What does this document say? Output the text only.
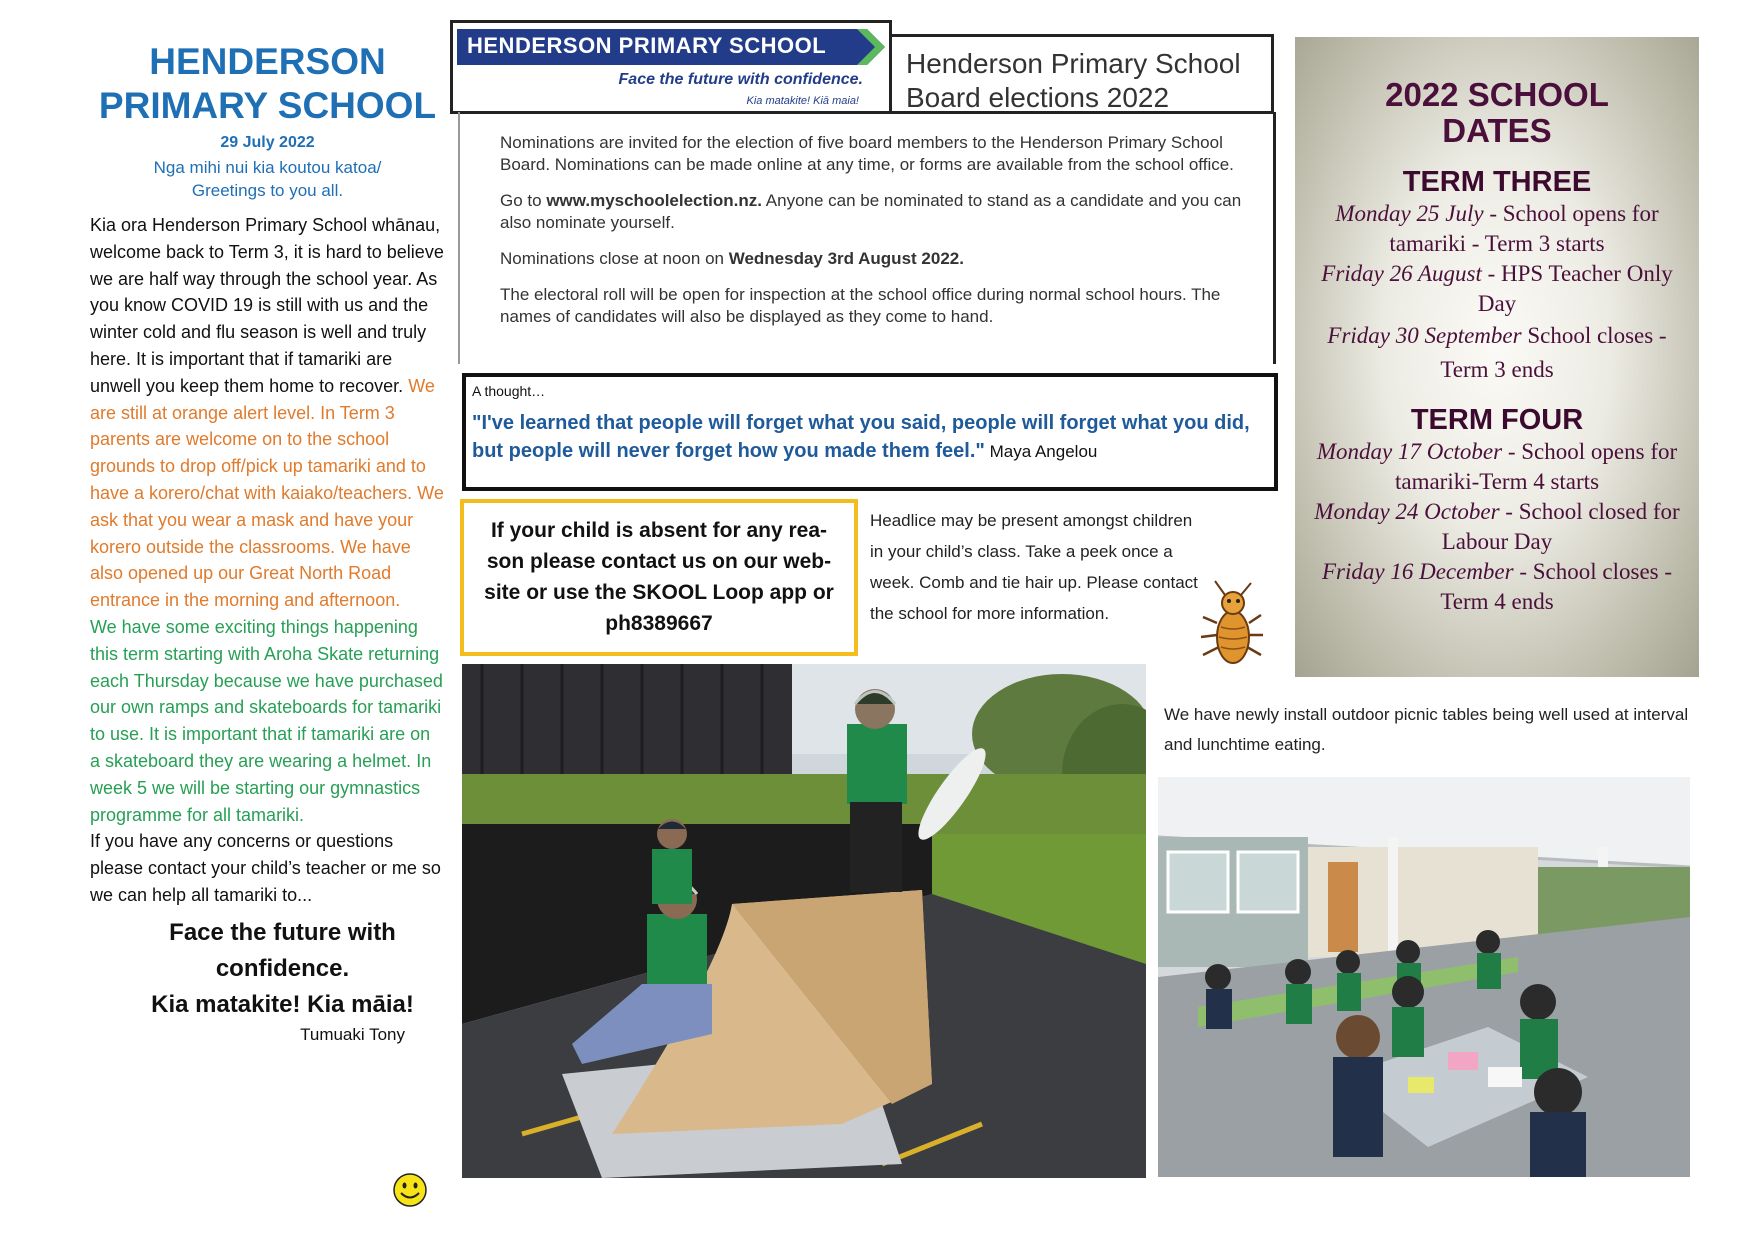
HENDERSON
PRIMARY SCHOOL
29 July 2022
Nga mihi nui kia koutou katoa/
Greetings to you all.
Kia ora Henderson Primary School whānau, welcome back to Term 3, it is hard to believe we are half way through the school year. As you know COVID 19 is still with us and the winter cold and flu season is well and truly here. It is important that if tamariki are unwell you keep them home to recover. We are still at orange alert level. In Term 3 parents are welcome on to the school grounds to drop off/pick up tamariki and to have a korero/chat with kaiako/teachers. We ask that you wear a mask and have your korero outside the classrooms. We have also opened up our Great North Road entrance in the morning and afternoon.
We have some exciting things happening this term starting with Aroha Skate returning each Thursday because we have purchased our own ramps and skateboards for tamariki to use. It is important that if tamariki are on a skateboard they are wearing a helmet. In week 5 we will be starting our gymnastics programme for all tamariki.
If you have any concerns or questions please contact your child’s teacher or me so we can help all tamariki to...
Face the future with
confidence.
Kia matakite! Kia māia!
Tumuaki Tony
HENDERSON PRIMARY SCHOOL
Face the future with confidence.
Kia matakite! Kiā maia!
Henderson Primary School
Board elections 2022

Nominations are invited for the election of five board members to the Henderson Primary School Board. Nominations can be made online at any time, or forms are available from the school office.

Go to www.myschoolelection.nz. Anyone can be nominated to stand as a candidate and you can also nominate yourself.

Nominations close at noon on Wednesday 3rd August 2022.

The electoral roll will be open for inspection at the school office during normal school hours. The names of candidates will also be displayed as they come to hand.

A thought…
"I've learned that people will forget what you said, people will forget what you did, but people will never forget how you made them feel." Maya Angelou
If your child is absent for any rea-son please contact us on our web-site or use the SKOOL Loop app or ph8389667
Headlice may be present amongst children in your child’s class. Take a peek once a week. Comb and tie hair up. Please contact the school for more information.
2022 SCHOOL
DATES
TERM THREE
Monday 25 July - School opens for tamariki - Term 3 starts
Friday 26 August - HPS Teacher Only Day
Friday 30 September School closes - Term 3 ends
TERM FOUR
Monday 17 October - School opens for tamariki-Term 4 starts
Monday 24 October - School closed for Labour Day
Friday 16 December - School closes - Term 4 ends
We have newly install outdoor picnic tables being well used at interval and lunchtime eating.
